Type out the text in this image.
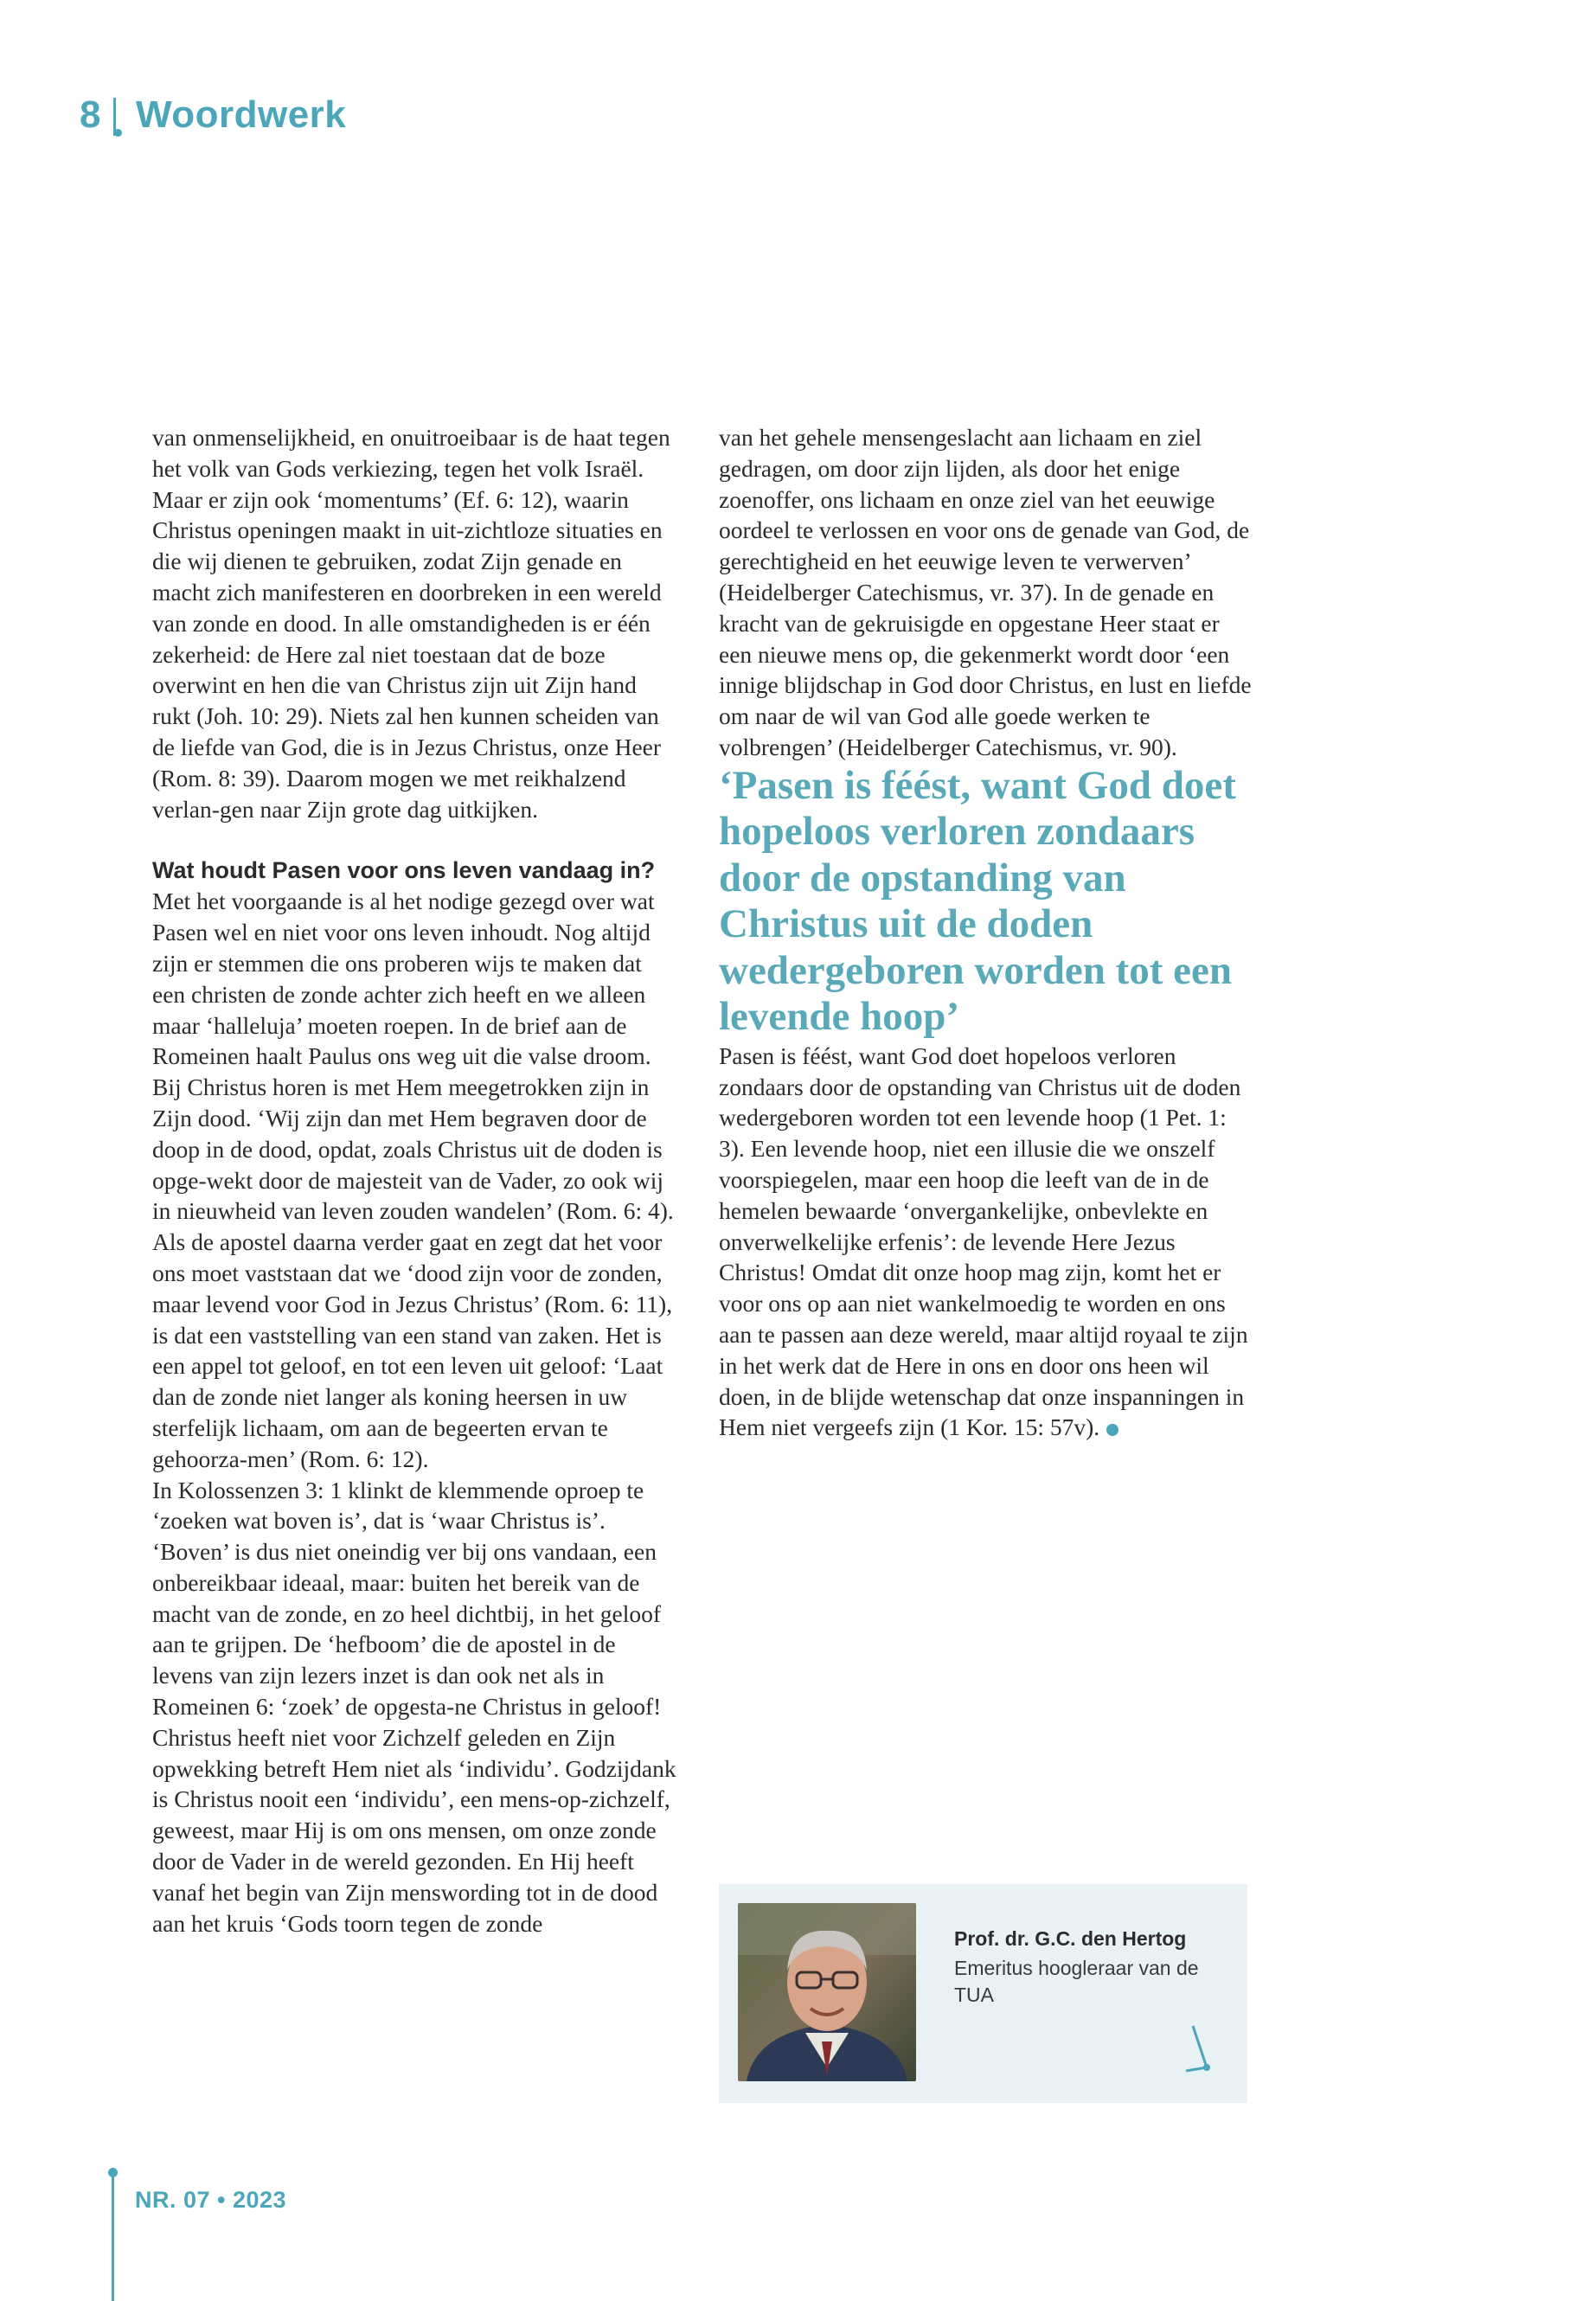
8 Woordwerk

van onmenselijkheid, en onuitroeibaar is de haat tegen het volk van Gods verkiezing, tegen het volk Israël. Maar er zijn ook ‘momentums’ (Ef. 6: 12), waarin Christus openingen maakt in uit-zichtloze situaties en die wij dienen te gebruiken, zodat Zijn genade en macht zich manifesteren en doorbreken in een wereld van zonde en dood. In alle omstandigheden is er één zekerheid: de Here zal niet toestaan dat de boze overwint en hen die van Christus zijn uit Zijn hand rukt (Joh. 10: 29). Niets zal hen kunnen scheiden van de liefde van God, die is in Jezus Christus, onze Heer (Rom. 8: 39). Daarom mogen we met reikhalzend verlan-gen naar Zijn grote dag uitkijken.

Wat houdt Pasen voor ons leven vandaag in?

Met het voorgaande is al het nodige gezegd over wat Pasen wel en niet voor ons leven inhoudt. Nog altijd zijn er stemmen die ons proberen wijs te maken dat een christen de zonde achter zich heeft en we alleen maar ‘halleluja’ moeten roepen. In de brief aan de Romeinen haalt Paulus ons weg uit die valse droom. Bij Christus horen is met Hem meegetrokken zijn in Zijn dood. ‘Wij zijn dan met Hem begraven door de doop in de dood, opdat, zoals Christus uit de doden is opge-wekt door de majesteit van de Vader, zo ook wij in nieuwheid van leven zouden wandelen’ (Rom. 6: 4). Als de apostel daarna verder gaat en zegt dat het voor ons moet vaststaan dat we ‘dood zijn voor de zonden, maar levend voor God in Jezus Christus’ (Rom. 6: 11), is dat een vaststelling van een stand van zaken. Het is een appel tot geloof, en tot een leven uit geloof: ‘Laat dan de zonde niet langer als koning heersen in uw sterfelijk lichaam, om aan de begeerten ervan te gehoorza-men’ (Rom. 6: 12).

In Kolossenzen 3: 1 klinkt de klemmende oproep te ‘zoeken wat boven is’, dat is ‘waar Christus is’. ‘Boven’ is dus niet oneindig ver bij ons vandaan, een onbereikbaar ideaal, maar: buiten het bereik van de macht van de zonde, en zo heel dichtbij, in het geloof aan te grijpen. De ‘hefboom’ die de apostel in de levens van zijn lezers inzet is dan ook net als in Romeinen 6: ‘zoek’ de opgesta-ne Christus in geloof! Christus heeft niet voor Zichzelf geleden en Zijn opwekking betreft Hem niet als ‘individu’. Godzijdank is Christus nooit een ‘individu’, een mens-op-zichzelf, geweest, maar Hij is om ons mensen, om onze zonde door de Vader in de wereld gezonden. En Hij heeft vanaf het begin van Zijn menswording tot in de dood aan het kruis ‘Gods toorn tegen de zonde

van het gehele mensengeslacht aan lichaam en ziel gedragen, om door zijn lijden, als door het enige zoenoffer, ons lichaam en onze ziel van het eeuwige oordeel te verlossen en voor ons de genade van God, de gerechtigheid en het eeuwige leven te verwerven’ (Heidelberger Catechismus, vr. 37). In de genade en kracht van de gekruisigde en opgestane Heer staat er een nieuwe mens op, die gekenmerkt wordt door ‘een innige blijdschap in God door Christus, en lust en liefde om naar de wil van God alle goede werken te volbrengen’ (Heidelberger Catechismus, vr. 90).

‘Pasen is féést, want God doet hopeloos verloren zondaars door de opstanding van Christus uit de doden wedergeboren worden tot een levende hoop’

Pasen is féést, want God doet hopeloos verloren zondaars door de opstanding van Christus uit de doden wedergeboren worden tot een levende hoop (1 Pet. 1: 3). Een levende hoop, niet een illusie die we onszelf voorspiegelen, maar een hoop die leeft van de in de hemelen bewaarde ‘onvergankelijke, onbevlekte en onverwelkelijke erfenis’: de levende Here Jezus Christus! Omdat dit onze hoop mag zijn, komt het er voor ons op aan niet wankelmoedig te worden en ons aan te passen aan deze wereld, maar altijd royaal te zijn in het werk dat de Here in ons en door ons heen wil doen, in de blijde wetenschap dat onze inspanningen in Hem niet vergeefs zijn (1 Kor. 15: 57v).

Prof. dr. G.C. den Hertog
Emeritus hoogleraar van de TUA
NR. 07 • 2023
